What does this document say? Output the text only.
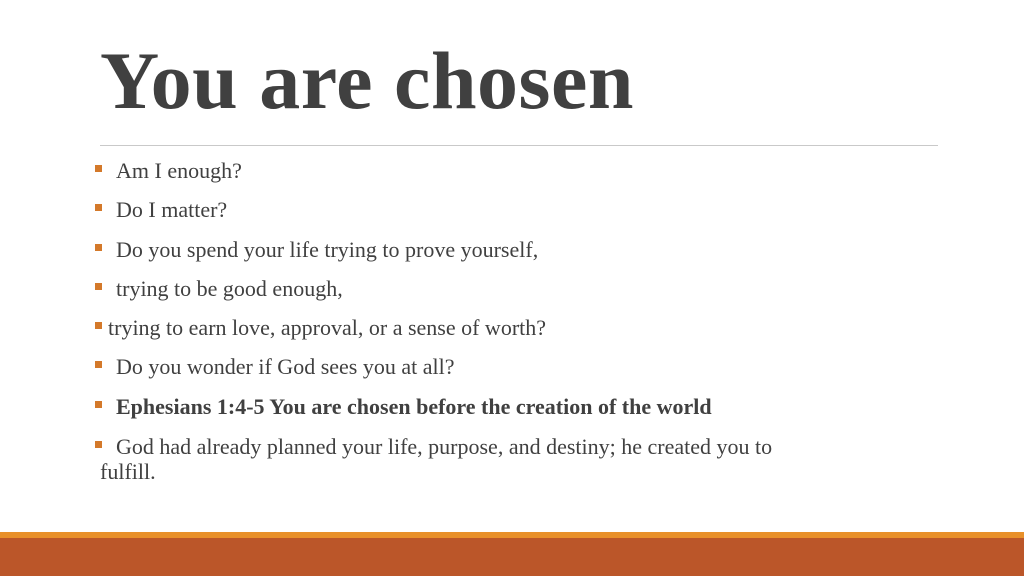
You are chosen
Am I enough?
Do I matter?
Do you spend your life trying to prove yourself,
trying to be good enough,
trying to earn love, approval, or a sense of worth?
Do you wonder if God sees you at all?
Ephesians 1:4-5 You are chosen before the creation of the world
God had already planned your life, purpose, and destiny; he created you to
fulfill.
